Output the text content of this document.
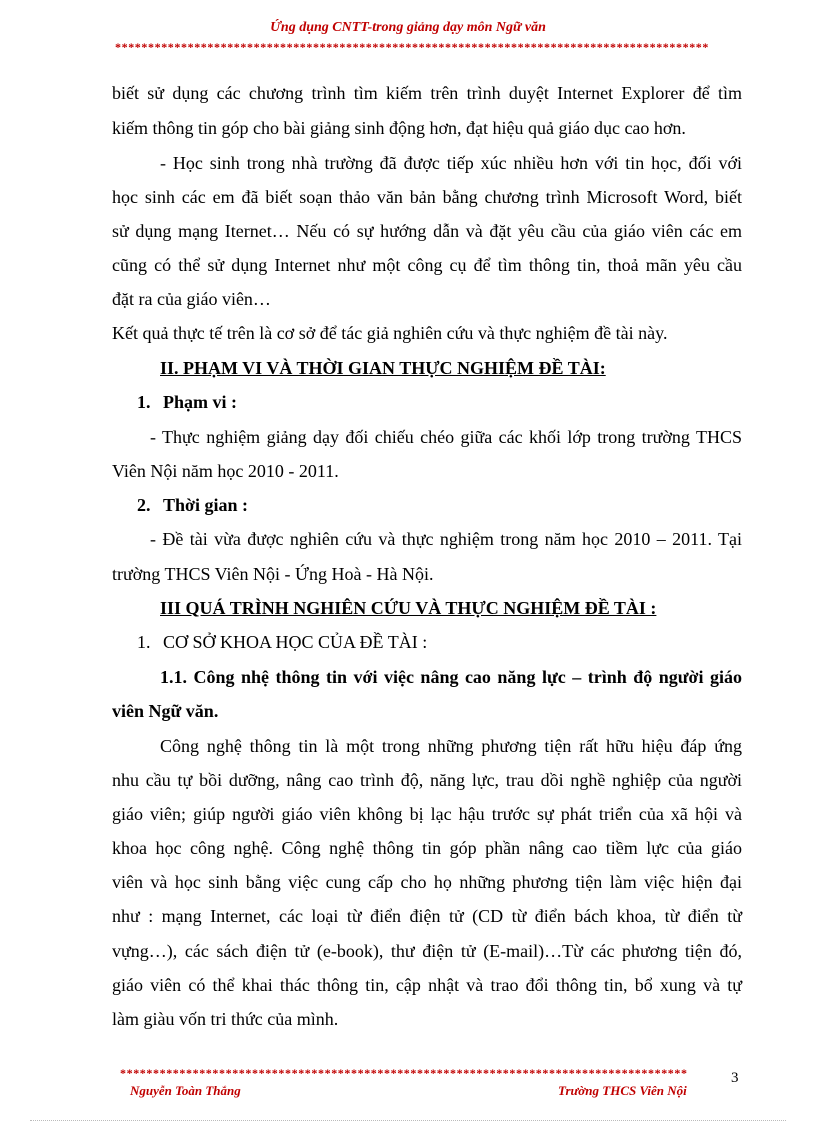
Ứng dụng CNTT-trong giảng dạy môn Ngữ văn
******************************************************************************************
biết sử dụng các chương trình tìm kiếm trên trình duyệt Internet Explorer để tìm
kiếm thông tin góp cho bài giảng sinh động hơn, đạt hiệu quả giáo dục cao hơn.
- Học sinh trong nhà trường đã được tiếp xúc nhiều hơn với tin học, đối với
học sinh các em đã biết soạn thảo văn bản bằng chương trình Microsoft Word, biết
sử dụng mạng Iternet… Nếu có sự hướng dẫn và đặt yêu cầu của giáo viên các em
cũng có thể sử dụng Internet như một công cụ để tìm thông tin, thoả mãn yêu cầu
đặt ra của giáo viên…
Kết quả thực tế trên là cơ sở để tác giả nghiên cứu và thực nghiệm đề tài này.
II. PHẠM VI VÀ THỜI GIAN THỰC NGHIỆM ĐỀ TÀI:
1. Phạm vi :
- Thực nghiệm giảng dạy đối chiếu chéo giữa các khối lớp trong trường THCS
Viên Nội năm học 2010 - 2011.
2. Thời gian :
- Đề tài vừa được nghiên cứu và thực nghiệm trong năm học 2010 – 2011. Tại
trường THCS Viên Nội - Ứng Hoà - Hà Nội.
III QUÁ TRÌNH NGHIÊN CỨU VÀ THỰC NGHIỆM ĐỀ TÀI :
1. CƠ SỞ KHOA HỌC CỦA ĐỀ TÀI :
1.1. Công nhệ thông tin với việc nâng cao năng lực – trình độ người giáo
viên Ngữ văn.
Công nghệ thông tin là một trong những phương tiện rất hữu hiệu đáp ứng
nhu cầu tự bồi dưỡng, nâng cao trình độ, năng lực, trau dồi nghề nghiệp của người
giáo viên; giúp người giáo viên không bị lạc hậu trước sự phát triển của xã hội và
khoa học công nghệ. Công nghệ thông tin góp phần nâng cao tiềm lực của giáo
viên và học sinh bằng việc cung cấp cho họ những phương tiện làm việc hiện đại
như : mạng Internet, các loại từ điển điện tử (CD từ điển bách khoa, từ điển từ
vựng…), các sách điện tử (e-book), thư điện tử (E-mail)…Từ các phương tiện đó,
giáo viên có thể khai thác thông tin, cập nhật và trao đổi thông tin, bổ xung và tự
làm giàu vốn tri thức của mình.
**************************************************************************************	3
Nguyễn Toàn Thắng	Trường THCS Viên Nội
